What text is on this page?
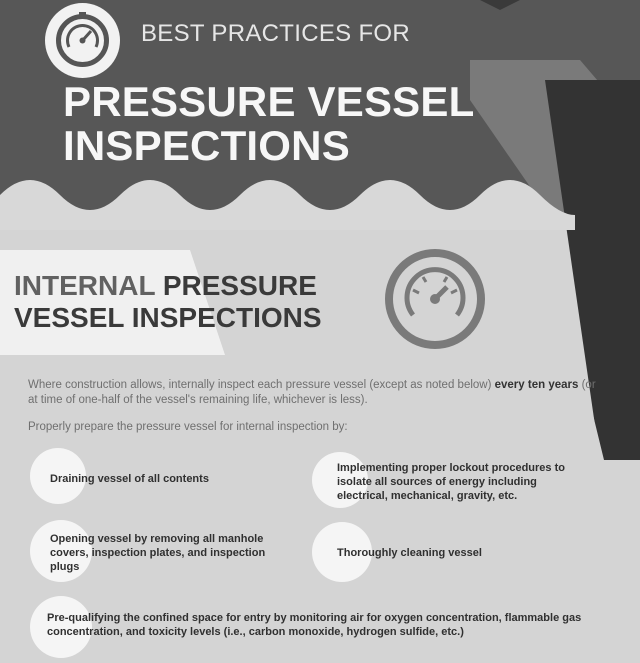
BEST PRACTICES FOR
PRESSURE VESSEL INSPECTIONS
INTERNAL PRESSURE
VESSEL INSPECTIONS
Where construction allows, internally inspect each pressure vessel (except as noted below) every ten years (or at time of one-half of the vessel's remaining life, whichever is less).
Properly prepare the pressure vessel for internal inspection by:
Draining vessel of all contents
Implementing proper lockout procedures to isolate all sources of energy including electrical, mechanical, gravity, etc.
Opening vessel by removing all manhole covers, inspection plates, and inspection plugs
Thoroughly cleaning vessel
Pre-qualifying the confined space for entry by monitoring air for oxygen concentration, flammable gas concentration, and toxicity levels (i.e., carbon monoxide, hydrogen sulfide, etc.)
